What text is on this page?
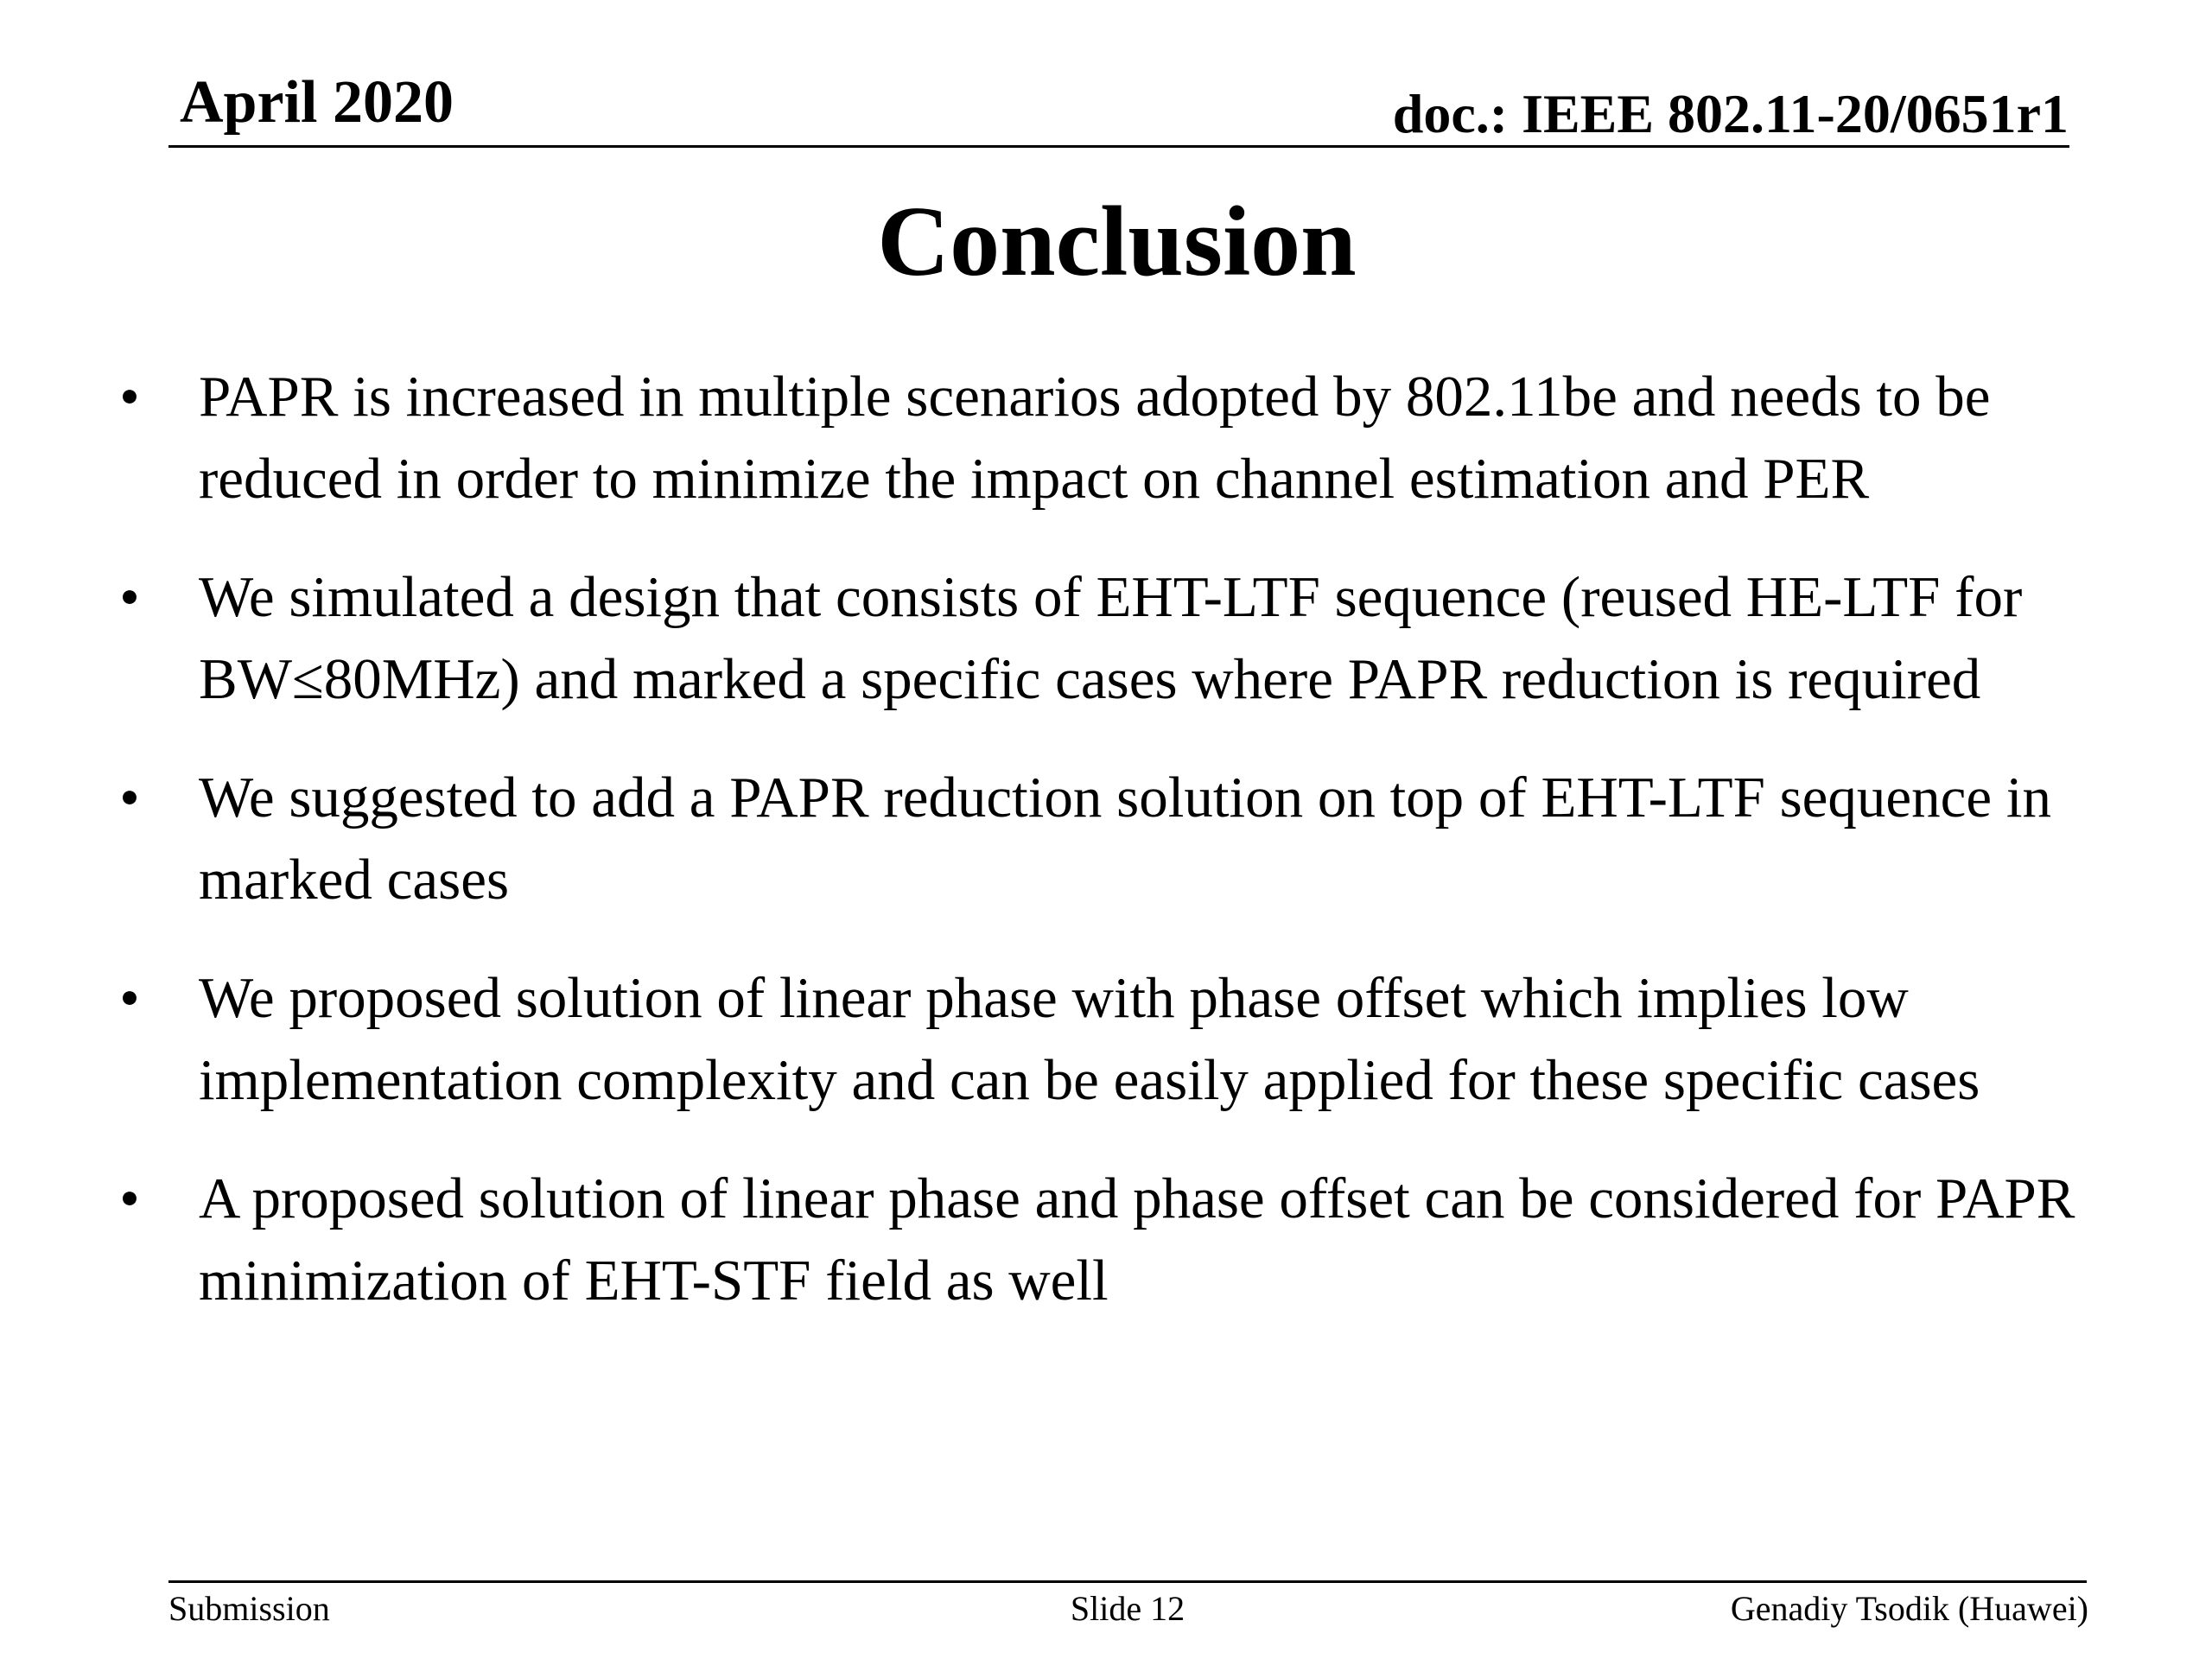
April 2020	doc.: IEEE 802.11-20/0651r1
Conclusion
• PAPR is increased in multiple scenarios adopted by 802.11be and needs to be reduced in order to minimize the impact on channel estimation and PER
• We simulated a design that consists of EHT-LTF sequence (reused HE-LTF for BW≤80MHz) and marked a specific cases where PAPR reduction is required
• We suggested to add a PAPR reduction solution on top of EHT-LTF sequence in marked cases
• We proposed solution of linear phase with phase offset which implies low implementation complexity and can be easily applied for these specific cases
• A proposed solution of linear phase and phase offset can be considered for PAPR minimization of EHT-STF field as well
Submission	Slide 12	Genadiy Tsodik (Huawei)
